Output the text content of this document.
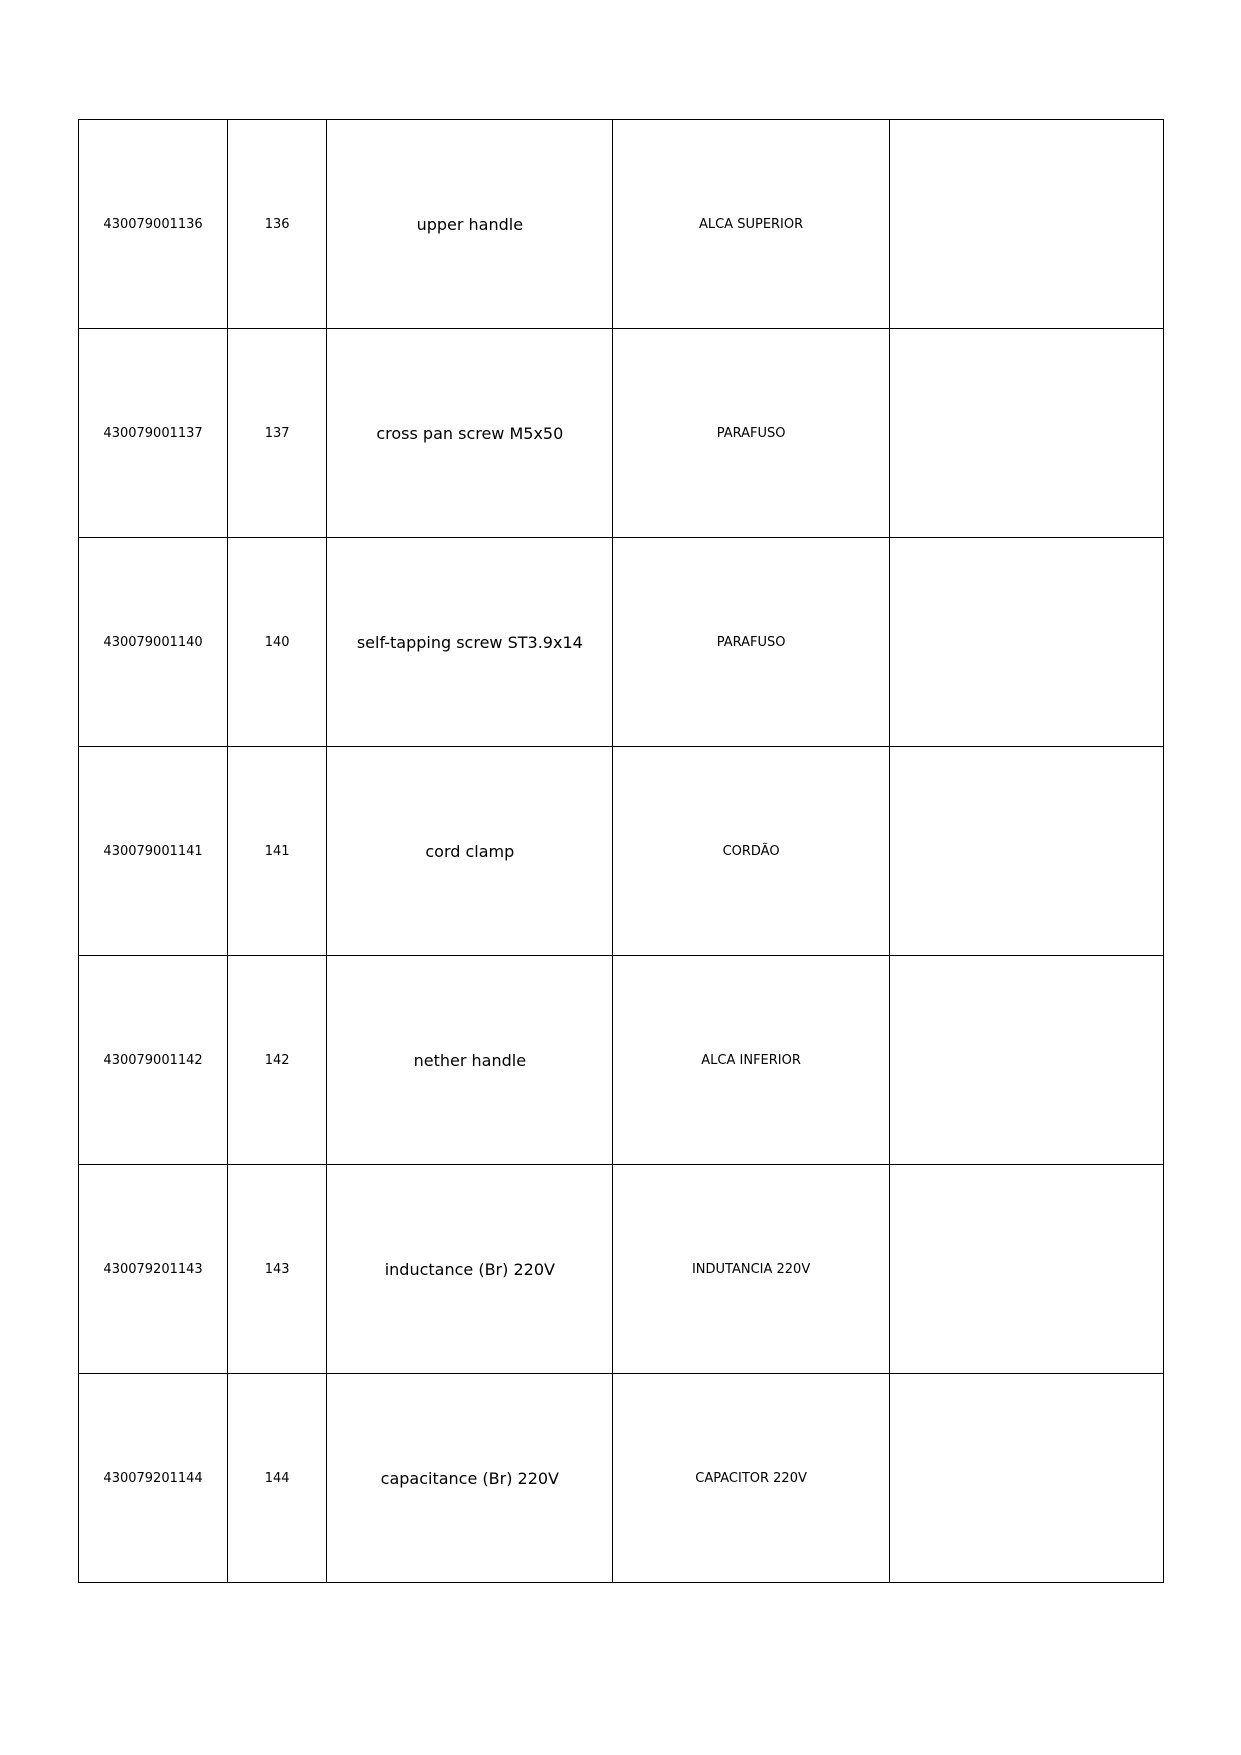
430079001136	136	upper handle	ALCA SUPERIOR	
430079001137	137	cross pan screw M5x50	PARAFUSO	
430079001140	140	self-tapping screw ST3.9x14	PARAFUSO	
430079001141	141	cord clamp	CORDÃO	
430079001142	142	nether handle	ALCA INFERIOR	
430079201143	143	inductance (Br) 220V	INDUTANCIA 220V	
430079201144	144	capacitance (Br) 220V	CAPACITOR 220V	
